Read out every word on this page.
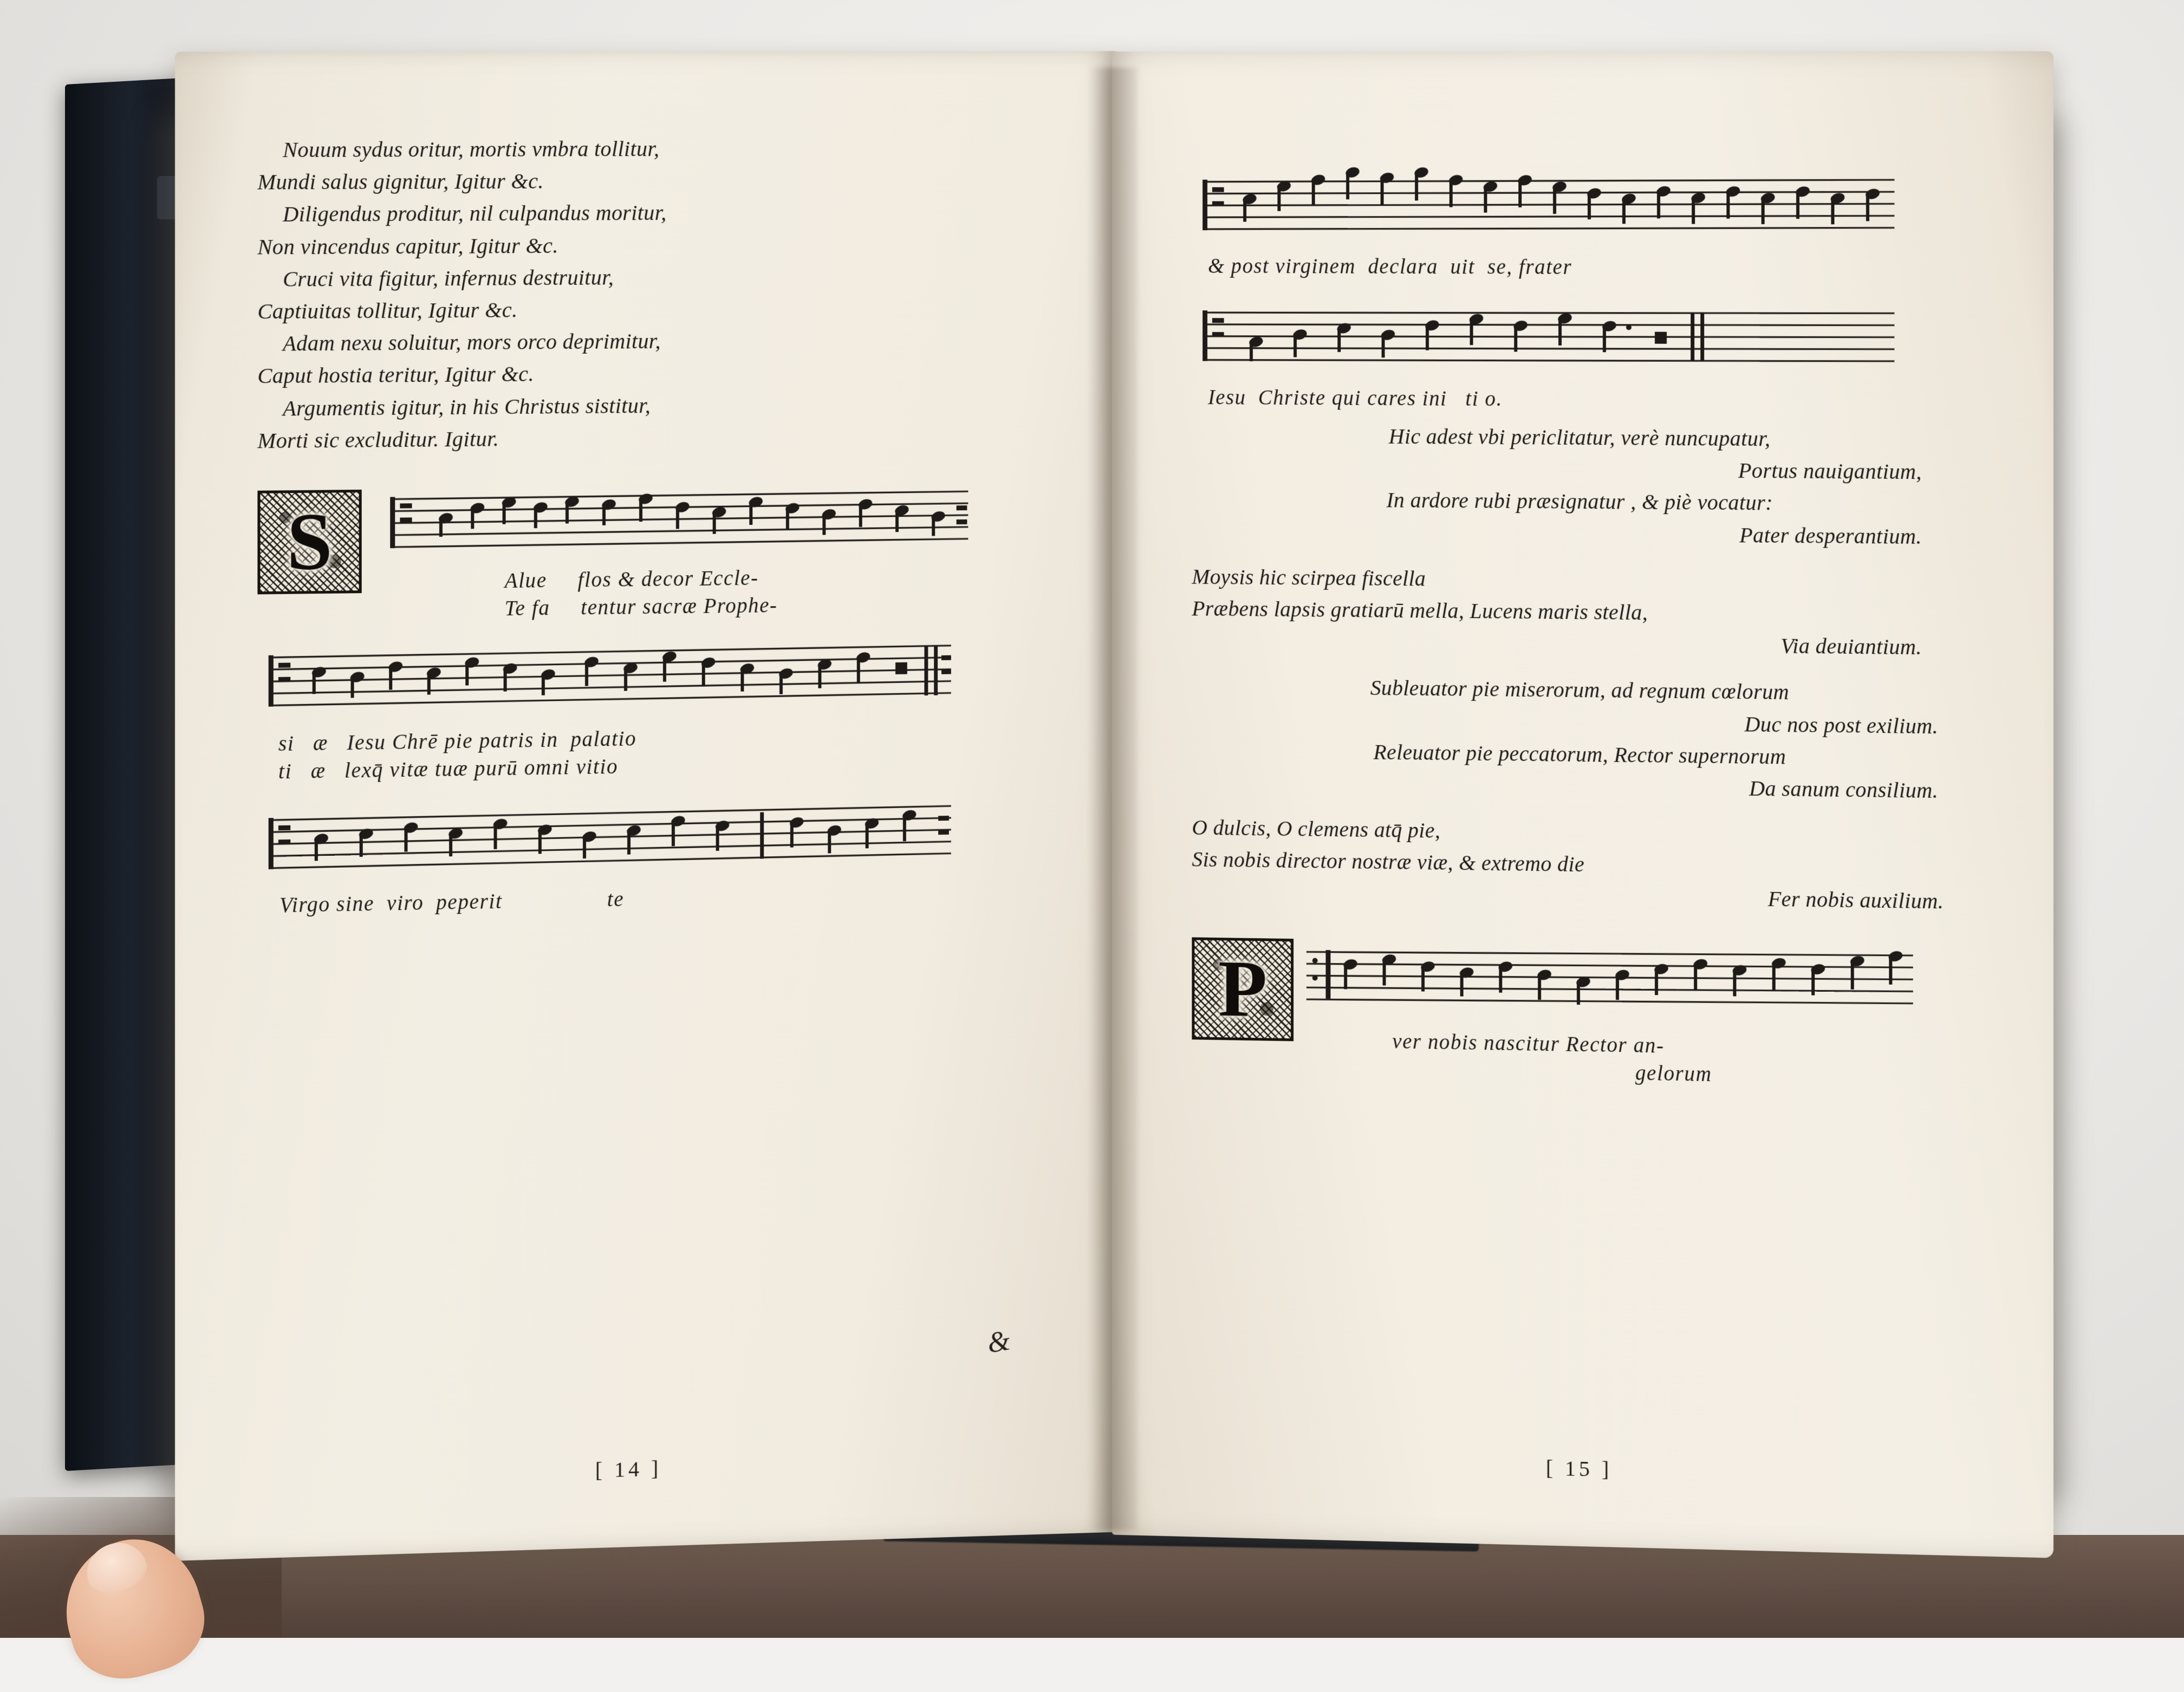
Nouum sydus oritur, mortis vmbra tollitur,
Mundi salus gignitur, Igitur &c.
Diligendus proditur, nil culpandus moritur,
Non vincendus capitur, Igitur &c.
Cruci vita figitur, infernus destruitur,
Captiuitas tollitur, Igitur &c.
Adam nexu soluitur, mors orco deprimitur,
Caput hostia teritur, Igitur &c.
Argumentis igitur, in his Christus sistitur,
Morti sic excluditur. Igitur.
S	Alue     flos & decor Eccle-
Te fa     tentur sacræ Prophe-
si   æ   Iesu Chrē pie patris in  palatio
ti   æ   lexq̄ vitæ tuæ purū omni vitio
Virgo sine  viro  peperit                 te
&
[ 14 ]
& post virginem  declara  uit  se, frater
Iesu  Christe qui cares ini   ti o.
Hic adest vbi periclitatur, verè nuncupatur,
Portus nauigantium,
In ardore rubi præsignatur , & piè vocatur:
Pater desperantium.
Moysis hic scirpea fiscella
Præbens lapsis gratiarū mella, Lucens maris stella,
Via deuiantium.
Subleuator pie miserorum, ad regnum cœlorum
Duc nos post exilium.
Releuator pie peccatorum, Rector supernorum
Da sanum consilium.
O dulcis, O clemens atq̄ pie,
Sis nobis director nostræ viæ, & extremo die
Fer nobis auxilium.
P
ver nobis nascitur Rector an-
gelorum
[ 15 ]
